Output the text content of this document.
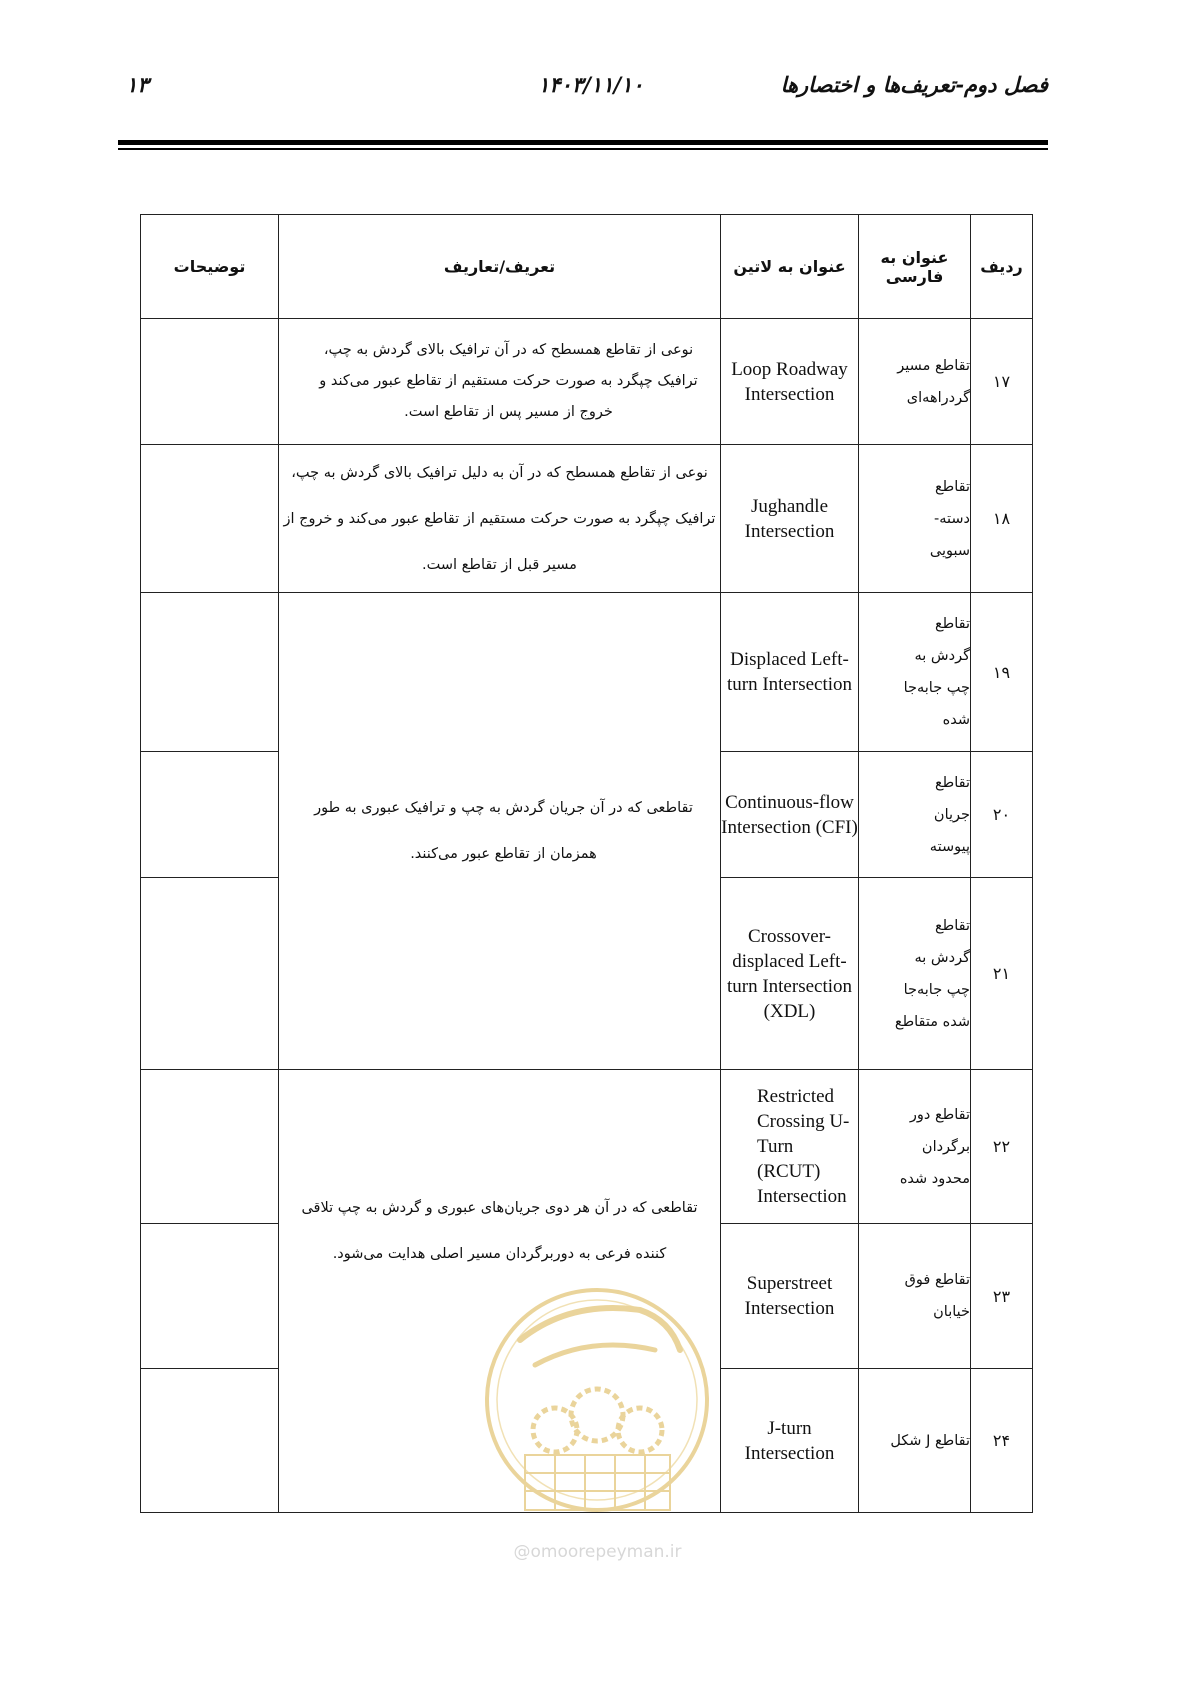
۱۳	۱۴۰۳/۱۱/۱۰	فصل دوم-تعریف‌ها و اختصارها
توضیحات	تعریف/تعاریف	عنوان به لاتین	عنوان به فارسی	ردیف
	نوعی از تقاطع همسطح که در آن ترافیک بالای گردش به چپ، ترافیک چپگرد به صورت حرکت مستقیم از تقاطع عبور می‌کند و خروج از مسیر پس از تقاطع است.	Loop Roadway Intersection	تقاطع مسیر گردراهه‌ای	۱۷
	نوعی از تقاطع همسطح که در آن به دلیل ترافیک بالای گردش به چپ، ترافیک چپگرد به صورت حرکت مستقیم از تقاطع عبور می‌کند و خروج از مسیر قبل از تقاطع است.	Jughandle Intersection	تقاطع دسته- سبویی	۱۸
	تقاطعی که در آن جریان گردش به چپ و ترافیک عبوری به طور همزمان از تقاطع عبور می‌کنند.	Displaced Left-turn Intersection	تقاطع گردش به چپ جابه‌جا شده	۱۹
		Continuous-flow Intersection (CFI)	تقاطع جریان پیوسته	۲۰
		Crossover-displaced Left-turn Intersection (XDL)	تقاطع گردش به چپ جابه‌جا شده متقاطع	۲۱
	تقاطعی که در آن هر دوی جریان‌های عبوری و گردش به چپ تلاقی کننده فرعی به دوربرگردان مسیر اصلی هدایت می‌شود.	Restricted Crossing U-Turn (RCUT) Intersection	تقاطع دور برگردان محدود شده	۲۲
		Superstreet Intersection	تقاطع فوق خیابان	۲۳
		J-turn Intersection	تقاطع J شکل	۲۴
@omoorepeyman.ir
